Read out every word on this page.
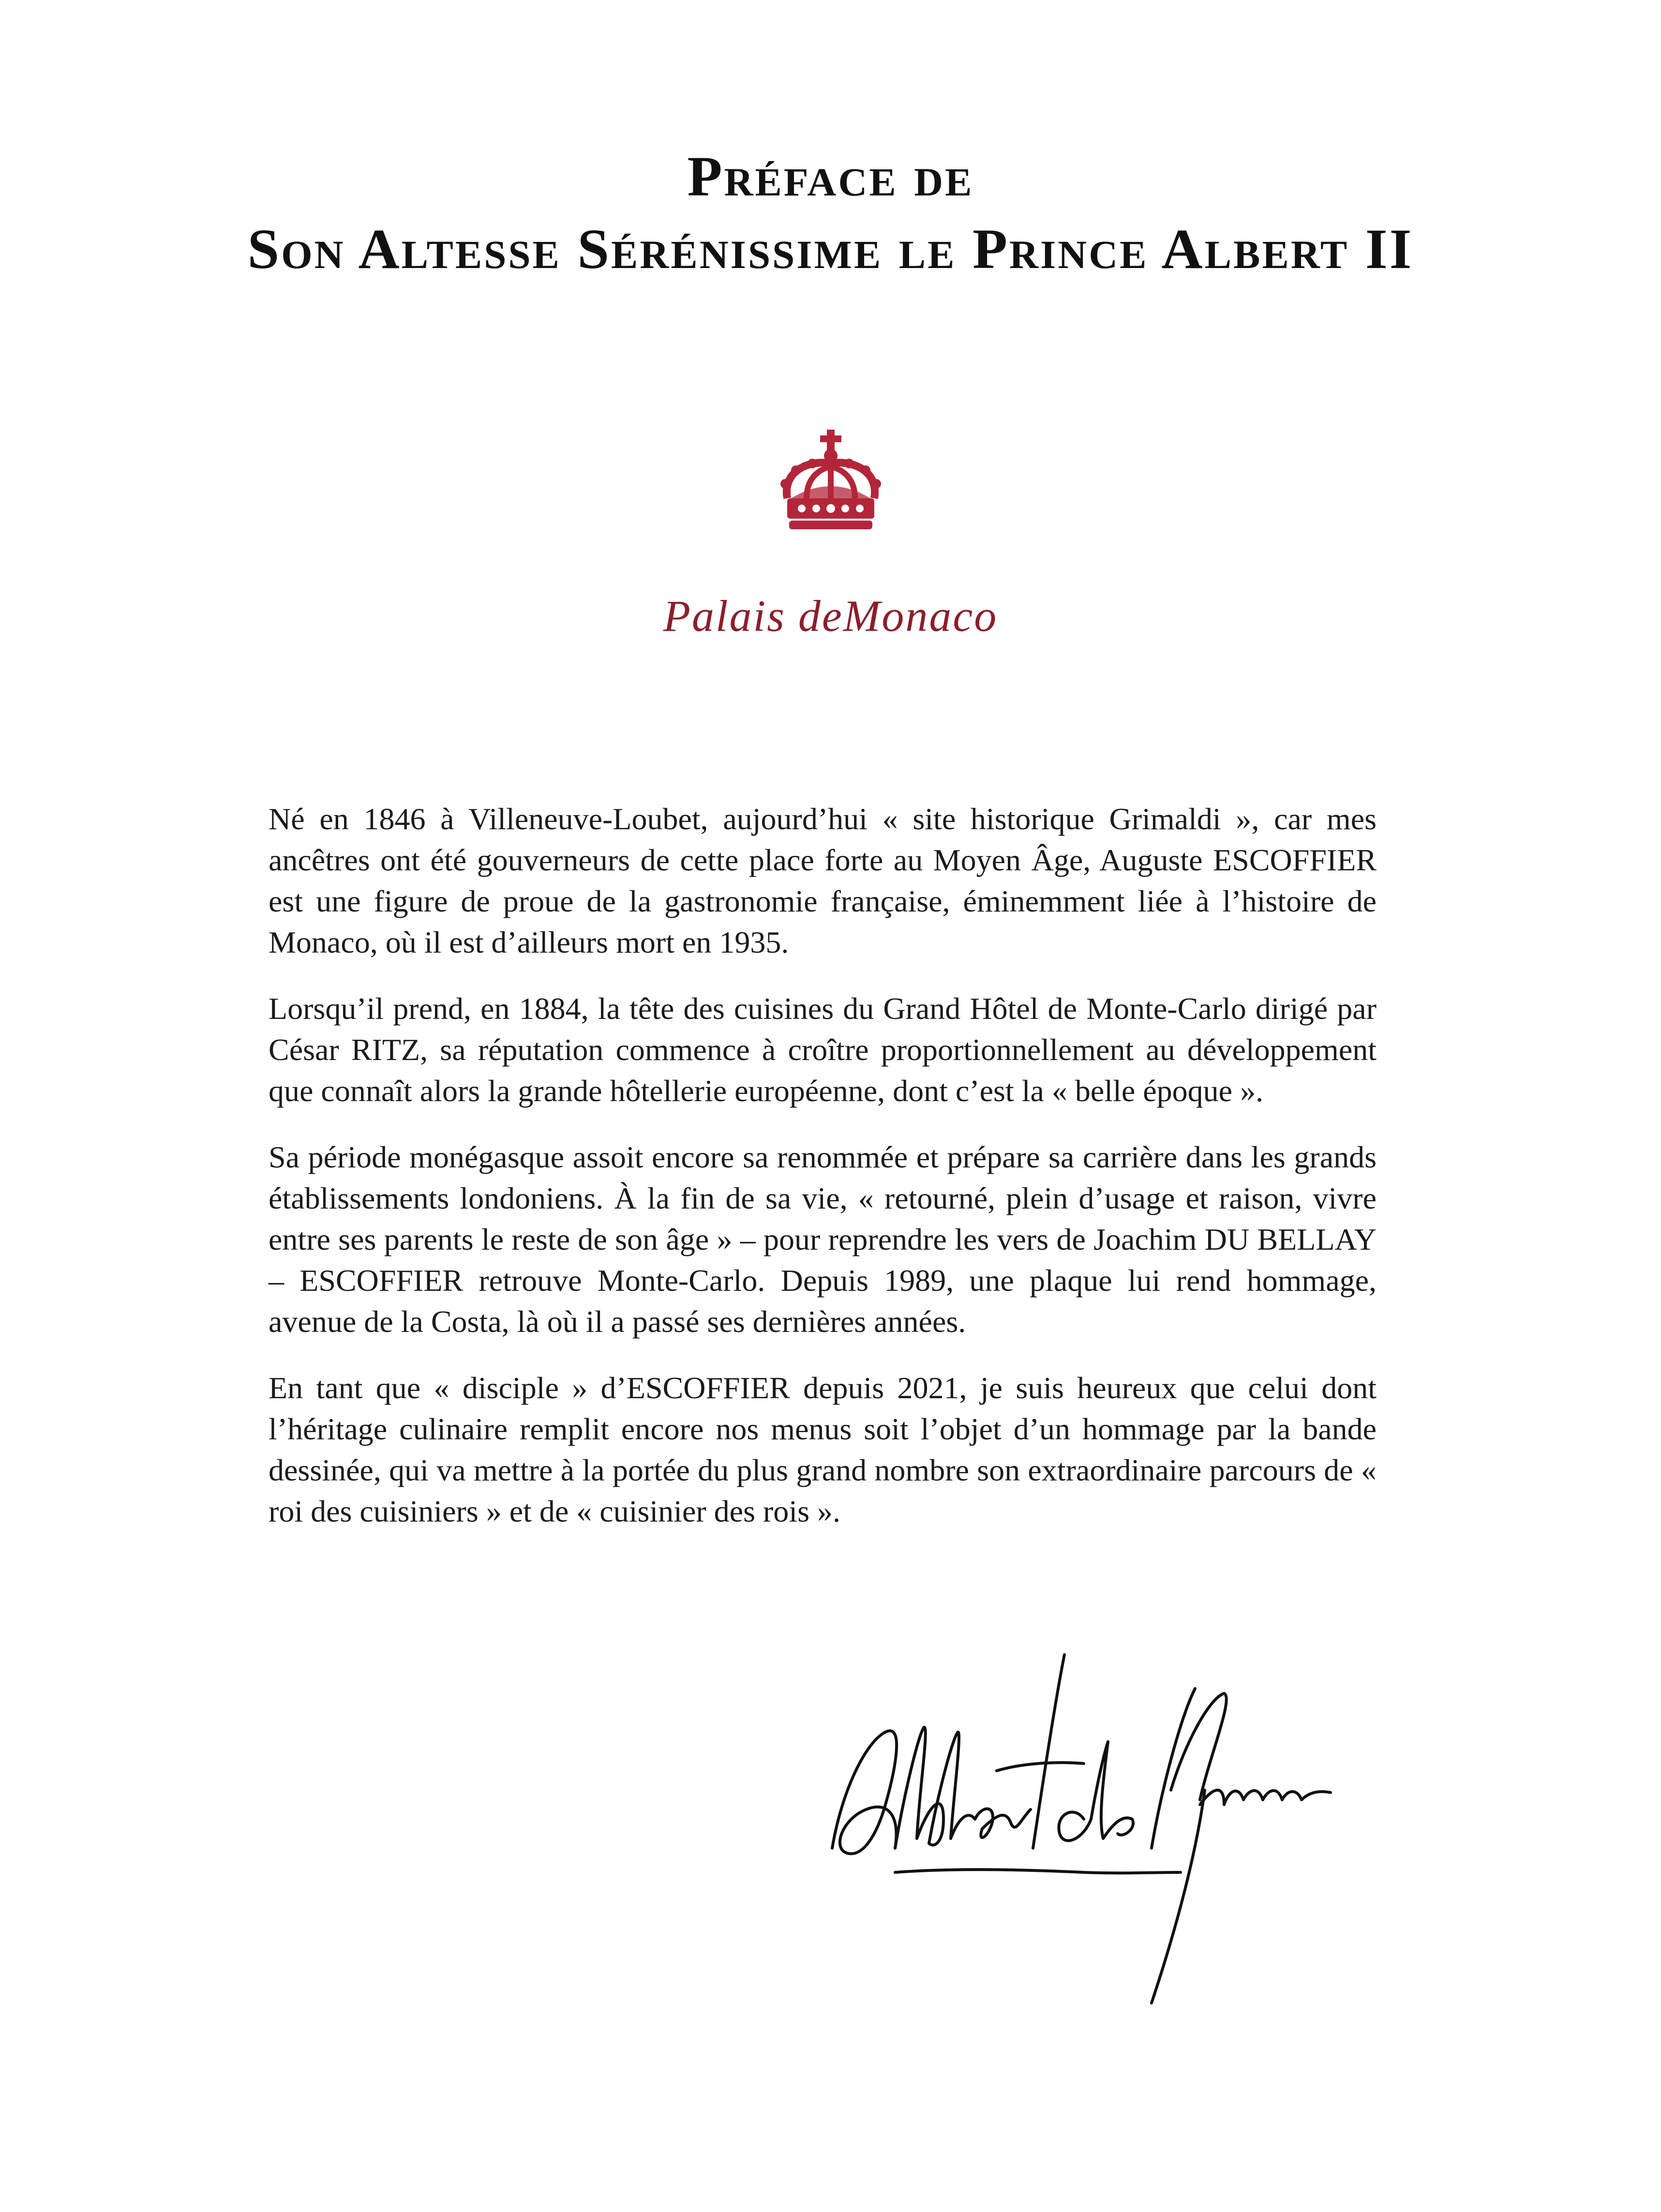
Préface de
Son Altesse Sérénissime le Prince Albert II
Palais deMonaco

Né en 1846 à Villeneuve-Loubet, aujourd’hui « site historique Grimaldi », car mes ancêtres ont été gouverneurs de cette place forte au Moyen Âge, Auguste ESCOFFIER est une figure de proue de la gastronomie française, éminemment liée à l’histoire de Monaco, où il est d’ailleurs mort en 1935.

Lorsqu’il prend, en 1884, la tête des cuisines du Grand Hôtel de Monte-Carlo dirigé par César RITZ, sa réputation commence à croître proportionnellement au développement que connaît alors la grande hôtellerie européenne, dont c’est la « belle époque ».

Sa période monégasque assoit encore sa renommée et prépare sa carrière dans les grands établissements londoniens. À la fin de sa vie, « retourné, plein d’usage et raison, vivre entre ses parents le reste de son âge » – pour reprendre les vers de Joachim DU BELLAY – ESCOFFIER retrouve Monte-Carlo. Depuis 1989, une plaque lui rend hommage, avenue de la Costa, là où il a passé ses dernières années.

En tant que « disciple » d’ESCOFFIER depuis 2021, je suis heureux que celui dont l’héritage culinaire remplit encore nos menus soit l’objet d’un hommage par la bande dessinée, qui va mettre à la portée du plus grand nombre son extraordinaire parcours de « roi des cuisiniers » et de « cuisinier des rois ».
